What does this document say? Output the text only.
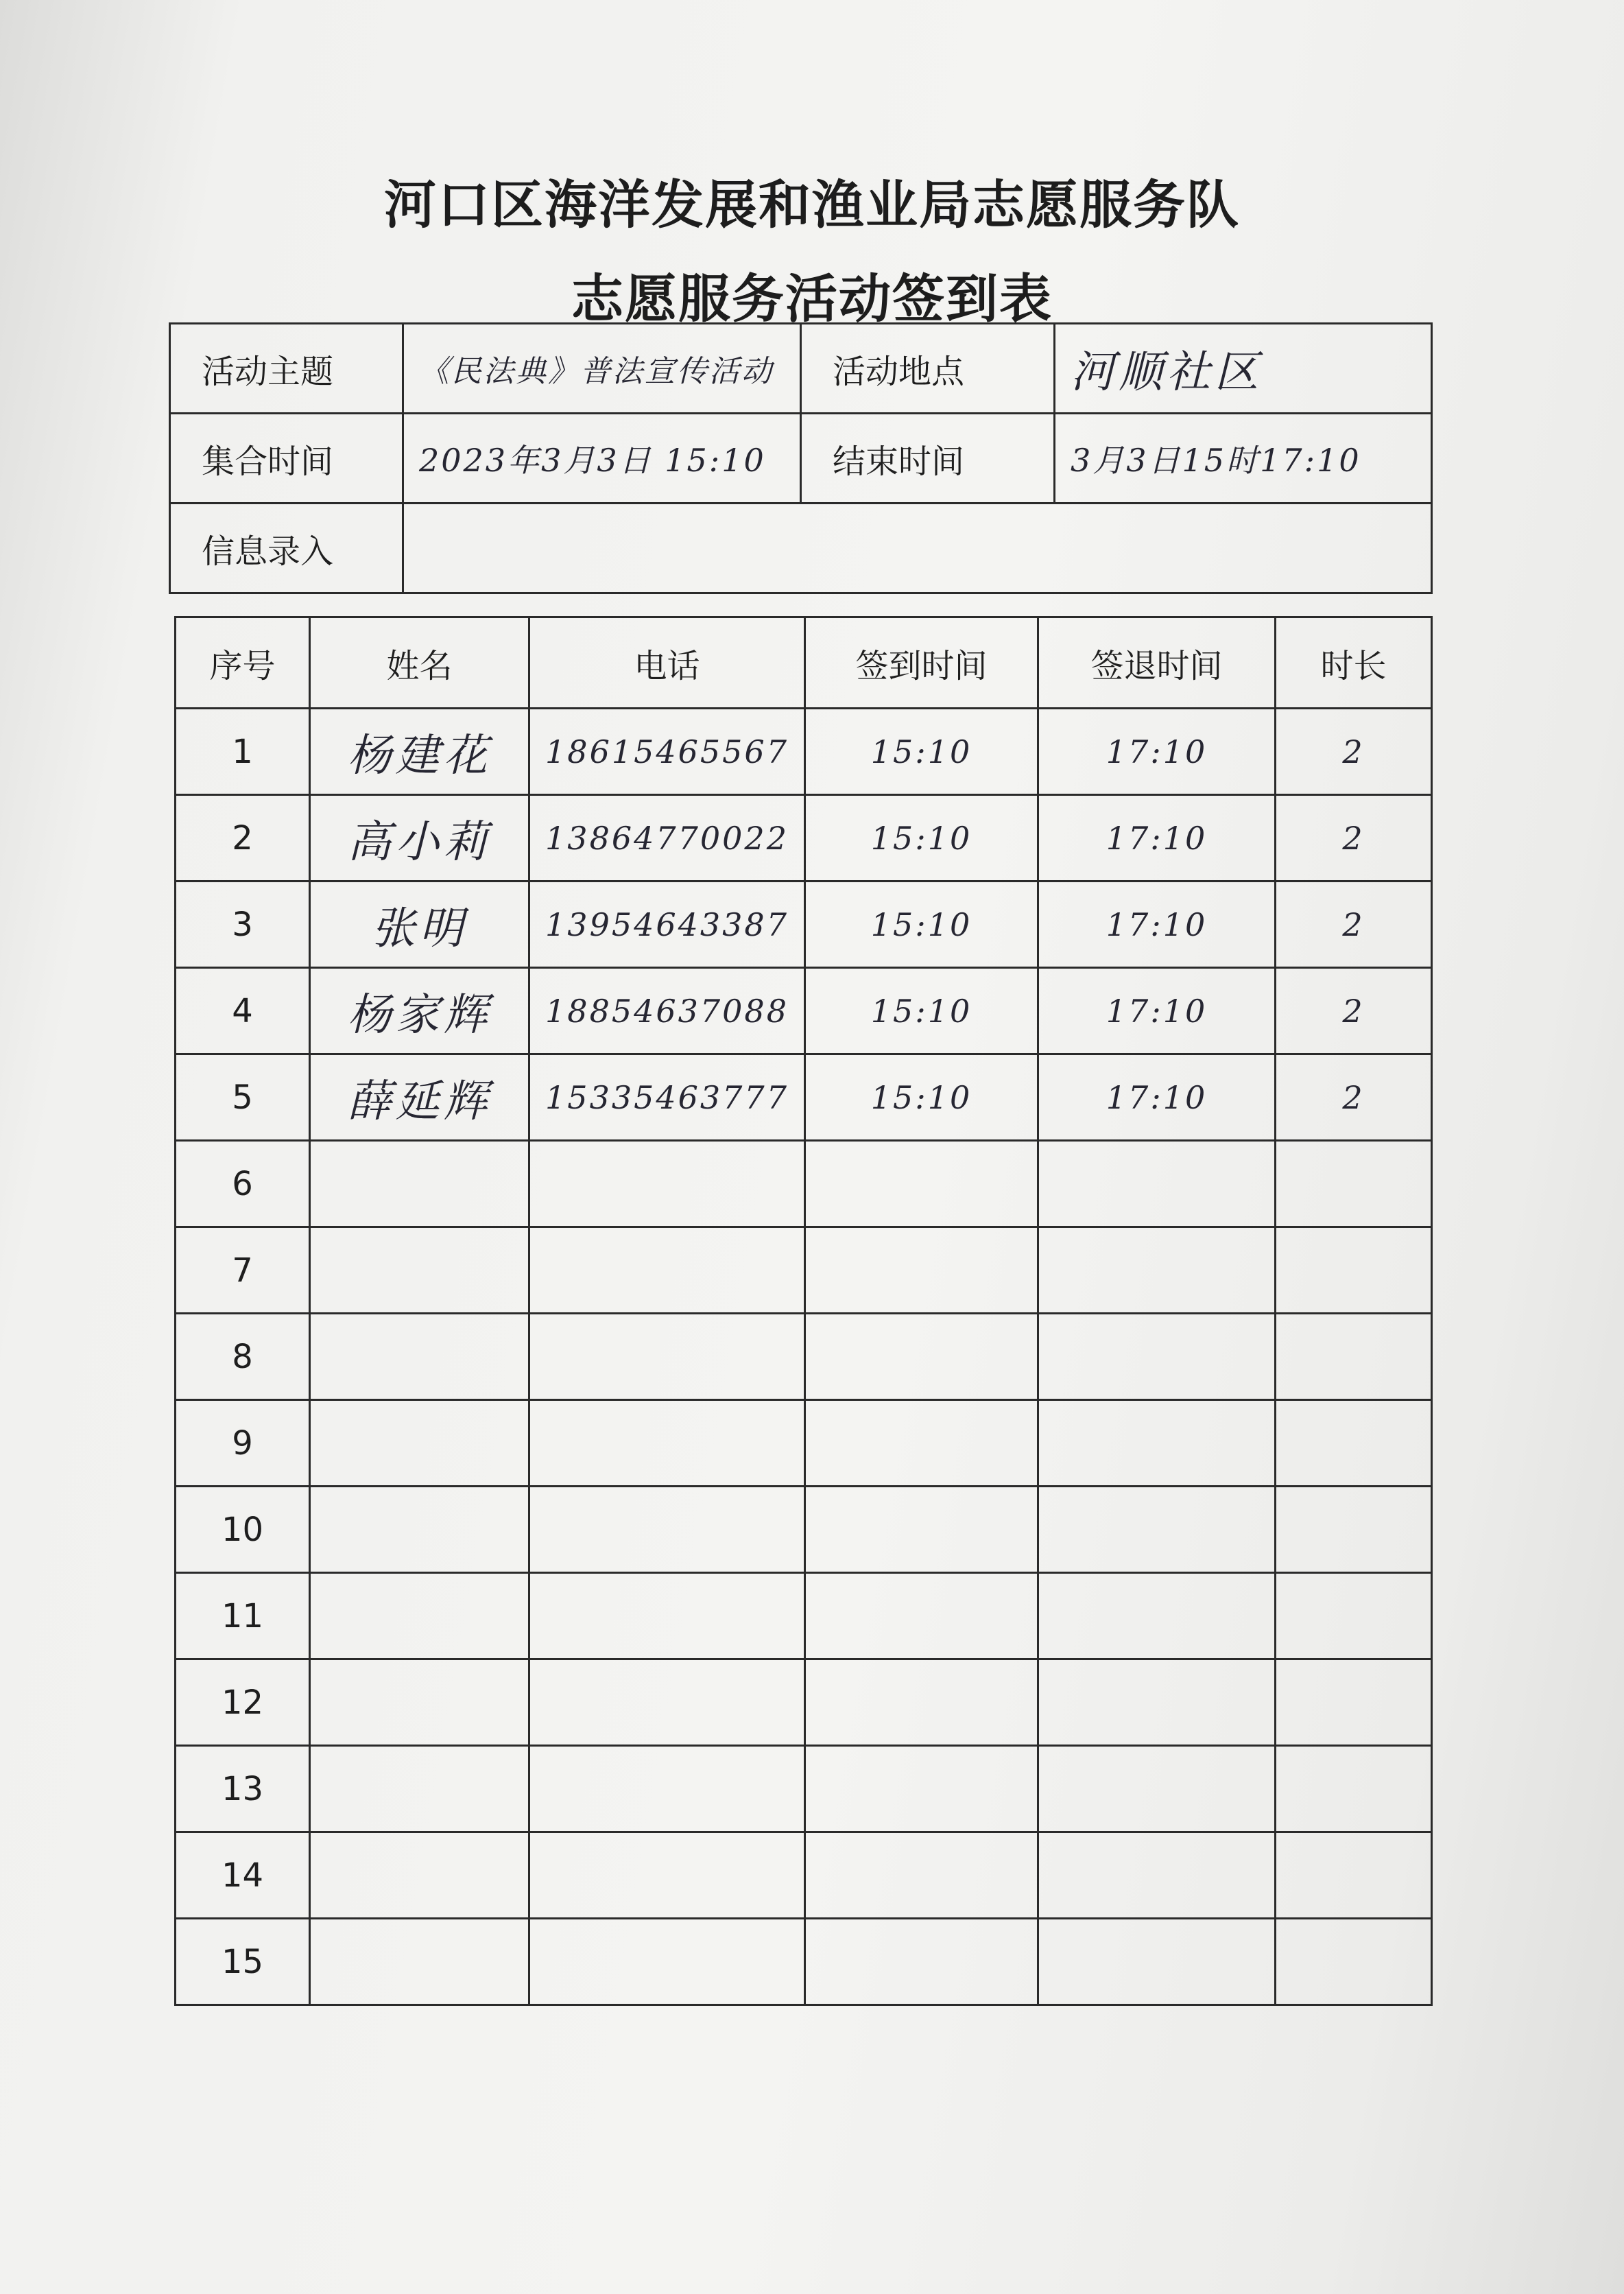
河口区海洋发展和渔业局志愿服务队
志愿服务活动签到表
活动主题	《民法典》普法宣传活动	活动地点	河顺社区
集合时间	2023年3月3日 15:10	结束时间	3月3日15时17:10
信息录入			
序号	姓名	电话	签到时间	签退时间	时长
1	杨建花	18615465567	15:10	17:10	2
2	高小莉	13864770022	15:10	17:10	2
3	张明	13954643387	15:10	17:10	2
4	杨家辉	18854637088	15:10	17:10	2
5	薛延辉	15335463777	15:10	17:10	2
6					
7					
8					
9					
10					
11					
12					
13					
14					
15					
